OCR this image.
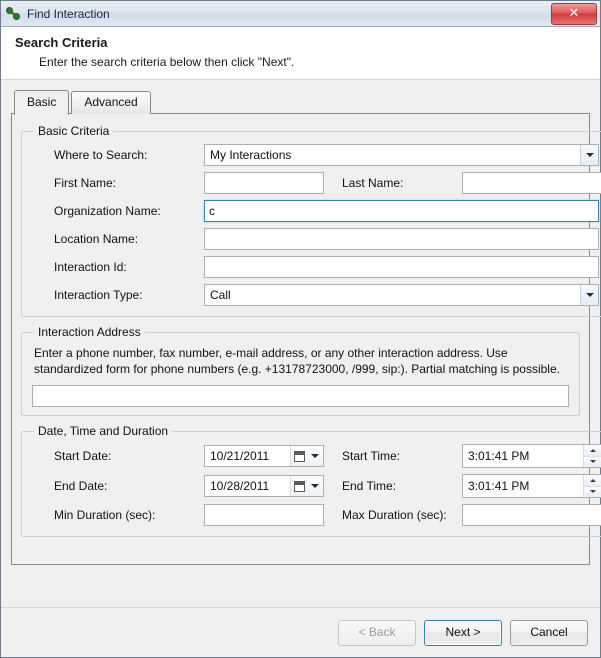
Find Interaction	✕
Search Criteria

Enter the search criteria below then click "Next".

Basic	Advanced
Basic Criteria
Where to Search:	My Interactions
First Name:	Last Name:
Organization Name:
c
Location Name:
Interaction Id:
Interaction Type:	Call
Interaction Address

Enter a phone number, fax number, e-mail address, or any other interaction address. Use standardized form for phone numbers (e.g. +13178723000, /999, sip:). Partial matching is possible.

Date, Time and Duration
Start Date:	10/21/2011	Start Time:	3:01:41 PM
End Date:	10/28/2011	End Time:	3:01:41 PM
Min Duration (sec):	Max Duration (sec):
< Back	Next >	Cancel
